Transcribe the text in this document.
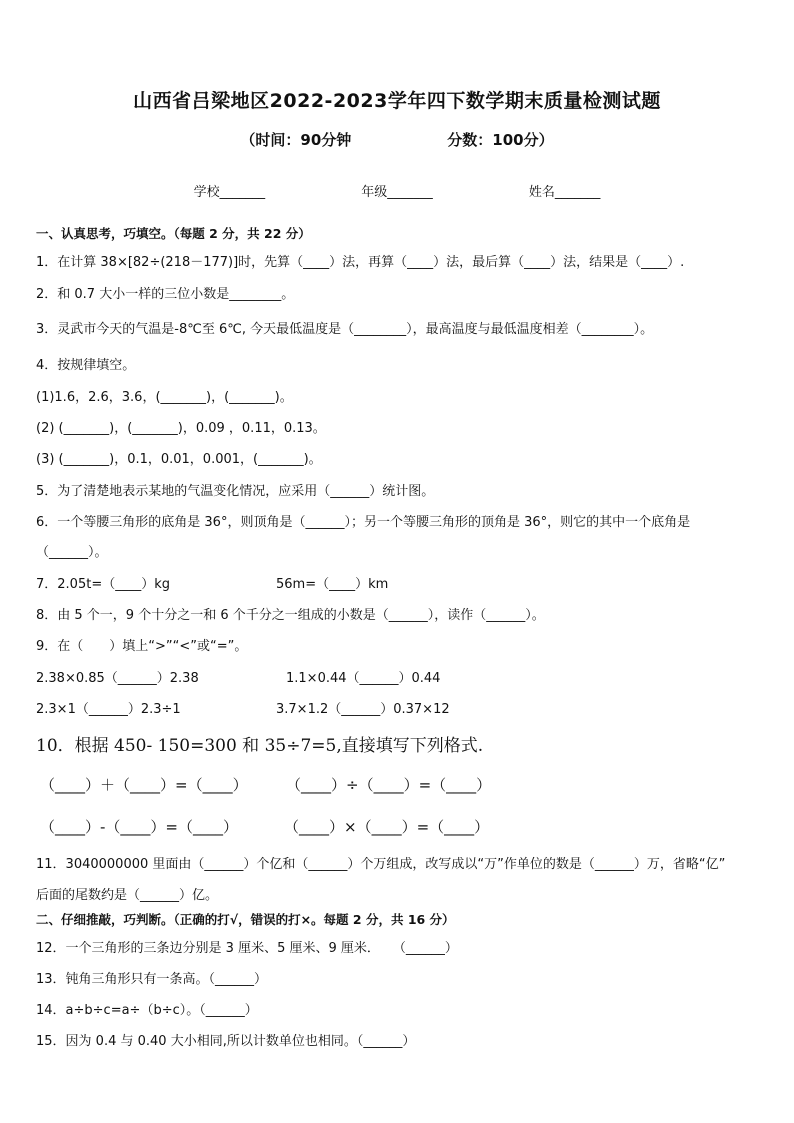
山西省吕梁地区2022-2023学年四下数学期末质量检测试题
（时间：90分钟	分数：100分）
学校_______	年级_______	姓名_______
一、认真思考，巧填空。（每题 2 分，共 22 分）
1．在计算 38×[82÷(218－177)]时，先算（____）法，再算（____）法，最后算（____）法，结果是（____）.
2．和 0.7 大小一样的三位小数是________。
3．灵武市今天的气温是-8℃至 6℃, 今天最低温度是（________），最高温度与最低温度相差（________）。
4．按规律填空。
(1)1.6，2.6，3.6，(_______)，(_______)。
(2) (_______)，(_______)，0.09 ，0.11，0.13。
(3) (_______)，0.1，0.01，0.001，(_______)。
5．为了清楚地表示某地的气温变化情况，应采用（______）统计图。
6．一个等腰三角形的底角是 36°，则顶角是（______）；另一个等腰三角形的顶角是 36°，则它的其中一个底角是
（______）。
7．2.05t=（____）kg	56m=（____）km
8．由 5 个一，9 个十分之一和 6 个千分之一组成的小数是（______），读作（______）。
9．在（　　）填上“>”“<”或“=”。
2.38×0.85（______）2.38	1.1×0.44（______）0.44
2.3×1（______）2.3÷1	3.7×1.2（______）0.37×12
10．根据 450- 150=300 和 35÷7=5,直接填写下列格式.
（____）＋（____）=（____）	（____）÷（____）=（____）
（____）-（____）=（____）	（____）×（____）=（____）
11．3040000000 里面由（______）个亿和（______）个万组成，改写成以“万”作单位的数是（______）万，省略“亿”
后面的尾数约是（______）亿。
二、仔细推敲，巧判断。（正确的打√，错误的打×。每题 2 分，共 16 分）
12．一个三角形的三条边分别是 3 厘米、5 厘米、9 厘米．　　（______）
13．钝角三角形只有一条高。（______）
14．a÷b÷c=a÷（b÷c）。（______）
15．因为 0.4 与 0.40 大小相同,所以计数单位也相同。（______）
